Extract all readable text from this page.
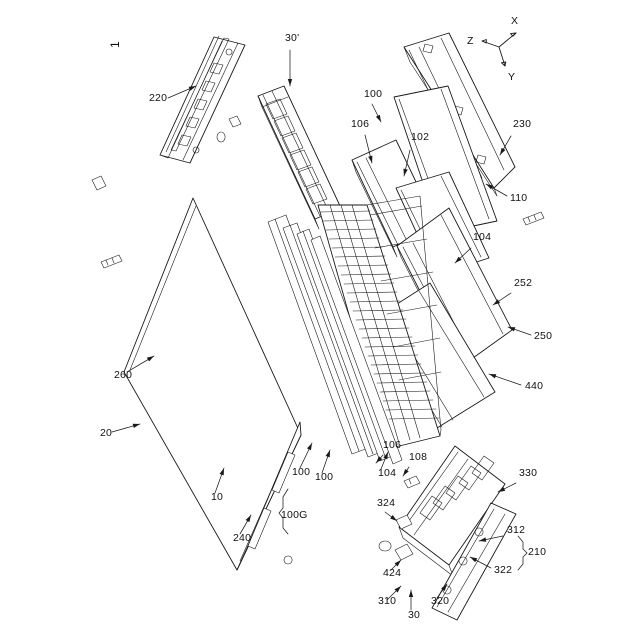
1
X
Z
Y
220
30'
100
106
102
230
110
104
252
250
440
260
20
10
240
100 100
100G
104
106
108
330
324
312
210
322
424
310
30
320
